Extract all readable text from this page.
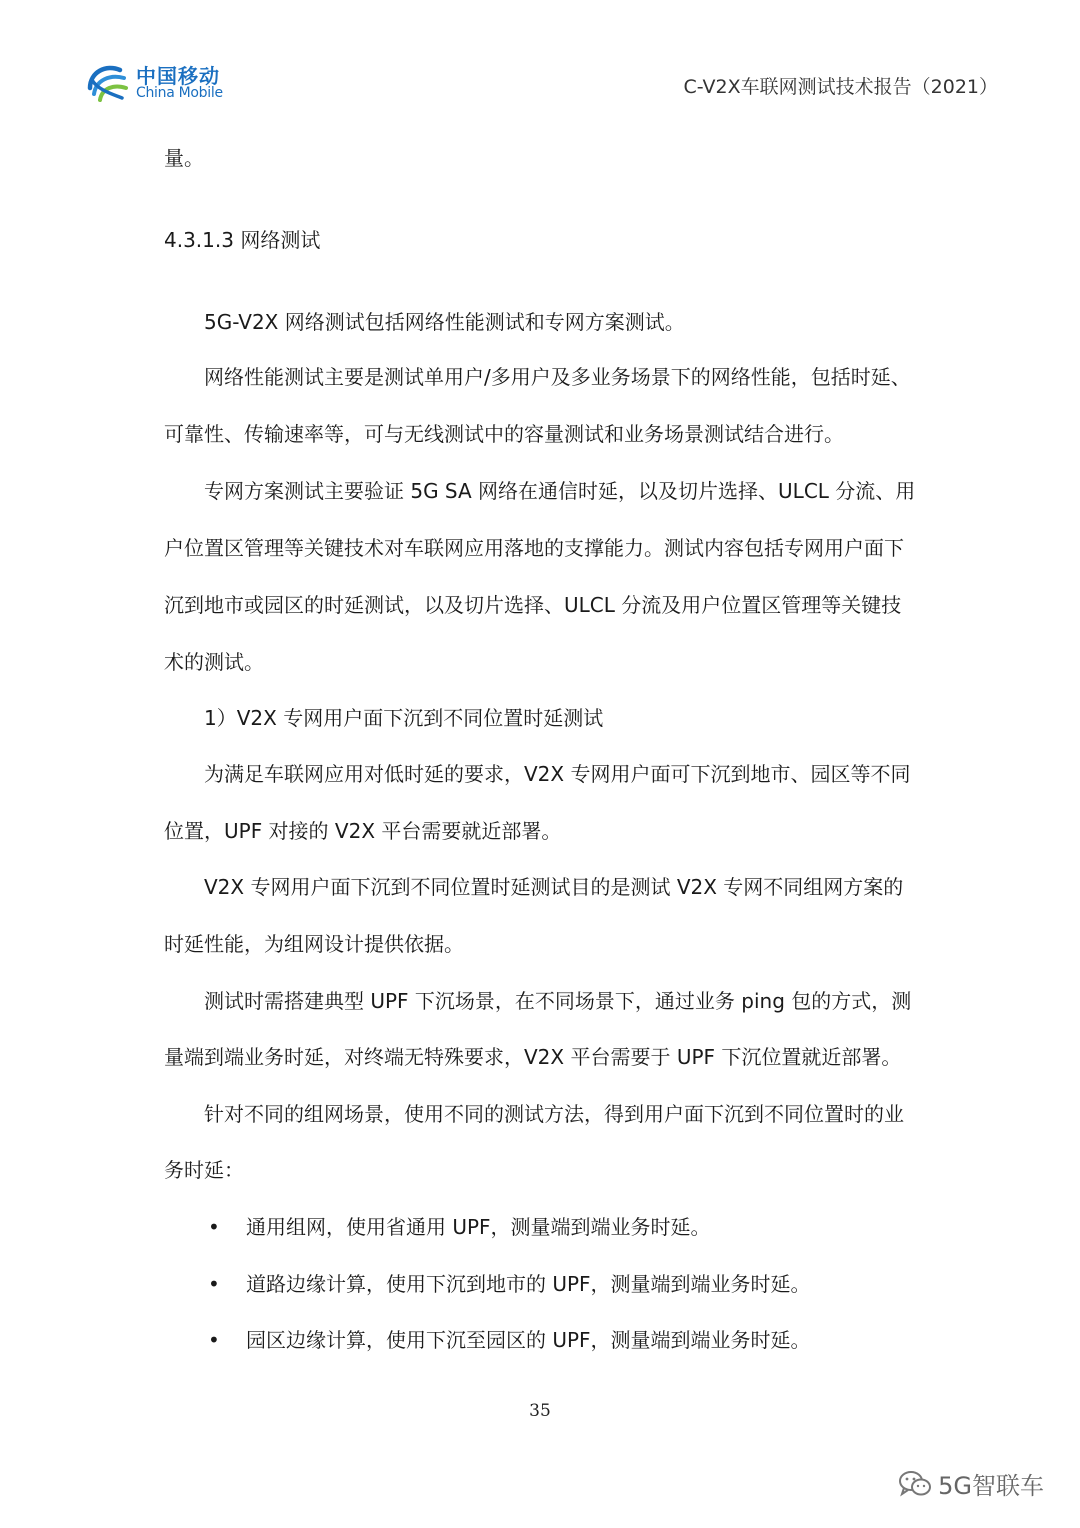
中国移动
China Mobile	C-V2X车联网测试技术报告（2021）
量。
4.3.1.3 网络测试
5G-V2X 网络测试包括网络性能测试和专网方案测试。
网络性能测试主要是测试单用户/多用户及多业务场景下的网络性能，包括时延、
可靠性、传输速率等，可与无线测试中的容量测试和业务场景测试结合进行。
专网方案测试主要验证 5G SA 网络在通信时延，以及切片选择、ULCL 分流、用
户位置区管理等关键技术对车联网应用落地的支撑能力。测试内容包括专网用户面下
沉到地市或园区的时延测试，以及切片选择、ULCL 分流及用户位置区管理等关键技
术的测试。
1）V2X 专网用户面下沉到不同位置时延测试
为满足车联网应用对低时延的要求，V2X 专网用户面可下沉到地市、园区等不同
位置，UPF 对接的 V2X 平台需要就近部署。
V2X 专网用户面下沉到不同位置时延测试目的是测试 V2X 专网不同组网方案的
时延性能，为组网设计提供依据。
测试时需搭建典型 UPF 下沉场景，在不同场景下，通过业务 ping 包的方式，测
量端到端业务时延，对终端无特殊要求，V2X 平台需要于 UPF 下沉位置就近部署。
针对不同的组网场景，使用不同的测试方法，得到用户面下沉到不同位置时的业
务时延：
• 通用组网，使用省通用 UPF，测量端到端业务时延。
• 道路边缘计算，使用下沉到地市的 UPF，测量端到端业务时延。
• 园区边缘计算，使用下沉至园区的 UPF，测量端到端业务时延。
35
5G智联车
